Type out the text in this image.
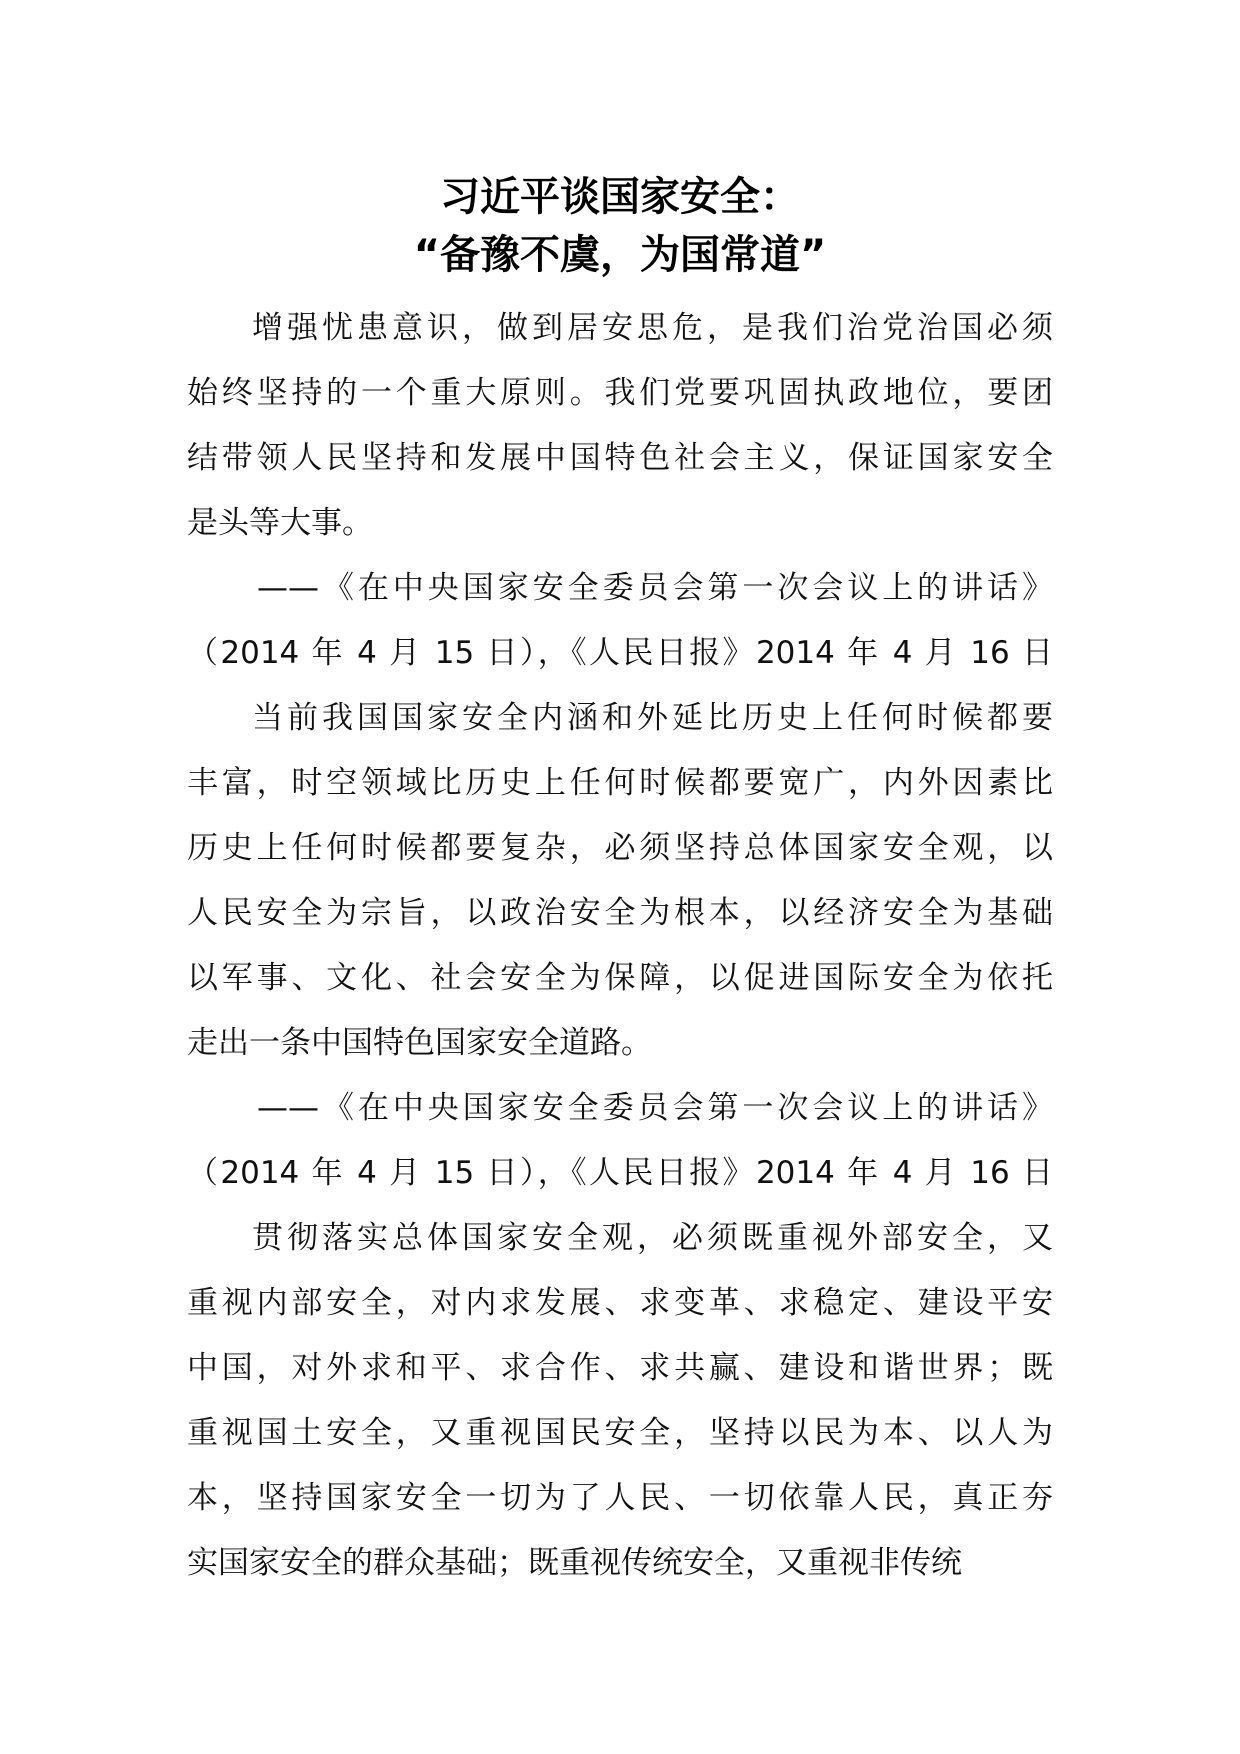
习近平谈国家安全：
“备豫不虞，为国常道”
增强忧患意识，做到居安思危，是我们治党治国必须
始终坚持的一个重大原则。我们党要巩固执政地位，要团
结带领人民坚持和发展中国特色社会主义，保证国家安全
是头等大事。
——《在中央国家安全委员会第一次会议上的讲话》
（2014 年 4 月 15 日），《人民日报》2014 年 4 月 16 日
当前我国国家安全内涵和外延比历史上任何时候都要
丰富，时空领域比历史上任何时候都要宽广，内外因素比
历史上任何时候都要复杂，必须坚持总体国家安全观，以
人民安全为宗旨，以政治安全为根本，以经济安全为基础
以军事、文化、社会安全为保障，以促进国际安全为依托
走出一条中国特色国家安全道路。
——《在中央国家安全委员会第一次会议上的讲话》
（2014 年 4 月 15 日），《人民日报》2014 年 4 月 16 日
贯彻落实总体国家安全观，必须既重视外部安全，又
重视内部安全，对内求发展、求变革、求稳定、建设平安
中国，对外求和平、求合作、求共赢、建设和谐世界；既
重视国土安全，又重视国民安全，坚持以民为本、以人为
本，坚持国家安全一切为了人民、一切依靠人民，真正夯
实国家安全的群众基础；既重视传统安全，又重视非传统
